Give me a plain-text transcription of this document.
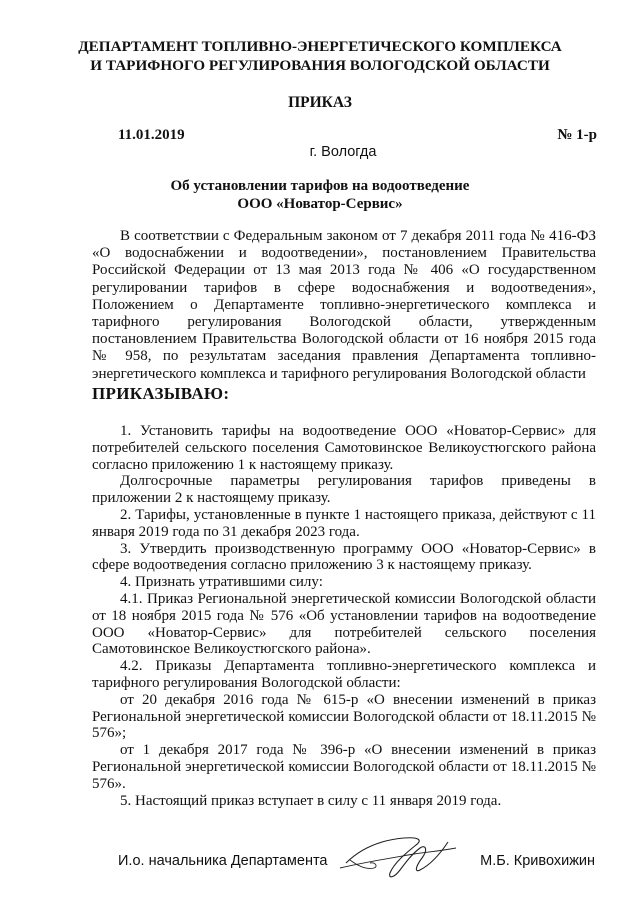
ДЕПАРТАМЕНТ ТОПЛИВНО-ЭНЕРГЕТИЧЕСКОГО КОМПЛЕКСА
И ТАРИФНОГО РЕГУЛИРОВАНИЯ ВОЛОГОДСКОЙ ОБЛАСТИ
ПРИКАЗ
11.01.2019	№ 1-р
г. Вологда
Об установлении тарифов на водоотведение
ООО «Новатор-Сервис»
В соответствии с Федеральным законом от 7 декабря 2011 года № 416-ФЗ «О водоснабжении и водоотведении», постановлением Правительства Российской Федерации от 13 мая 2013 года № 406 «О государственном регулировании тарифов в сфере водоснабжения и водоотведения», Положением о Департаменте топливно-энергетического комплекса и тарифного регулирования Вологодской области, утвержденным постановлением Правительства Вологодской области от 16 ноября 2015 года № 958, по результатам заседания правления Департамента топливно-энергетического комплекса и тарифного регулирования Вологодской области
ПРИКАЗЫВАЮ:

1. Установить тарифы на водоотведение ООО «Новатор-Сервис» для потребителей сельского поселения Самотовинское Великоустюгского района согласно приложению 1 к настоящему приказу.

Долгосрочные параметры регулирования тарифов приведены в приложении 2 к настоящему приказу.

2. Тарифы, установленные в пункте 1 настоящего приказа, действуют с 11 января 2019 года по 31 декабря 2023 года.

3. Утвердить производственную программу ООО «Новатор-Сервис» в сфере водоотведения согласно приложению 3 к настоящему приказу.

4. Признать утратившими силу:

4.1. Приказ Региональной энергетической комиссии Вологодской области от 18 ноября 2015 года № 576 «Об установлении тарифов на водоотведение ООО «Новатор-Сервис» для потребителей сельского поселения Самотовинское Великоустюгского района».

4.2. Приказы Департамента топливно-энергетического комплекса и тарифного регулирования Вологодской области:

от 20 декабря 2016 года № 615-р «О внесении изменений в приказ Региональной энергетической комиссии Вологодской области от 18.11.2015 № 576»;

от 1 декабря 2017 года № 396-р «О внесении изменений в приказ Региональной энергетической комиссии Вологодской области от 18.11.2015 № 576».

5. Настоящий приказ вступает в силу с 11 января 2019 года.

И.о. начальника Департамента	М.Б. Кривохижин
